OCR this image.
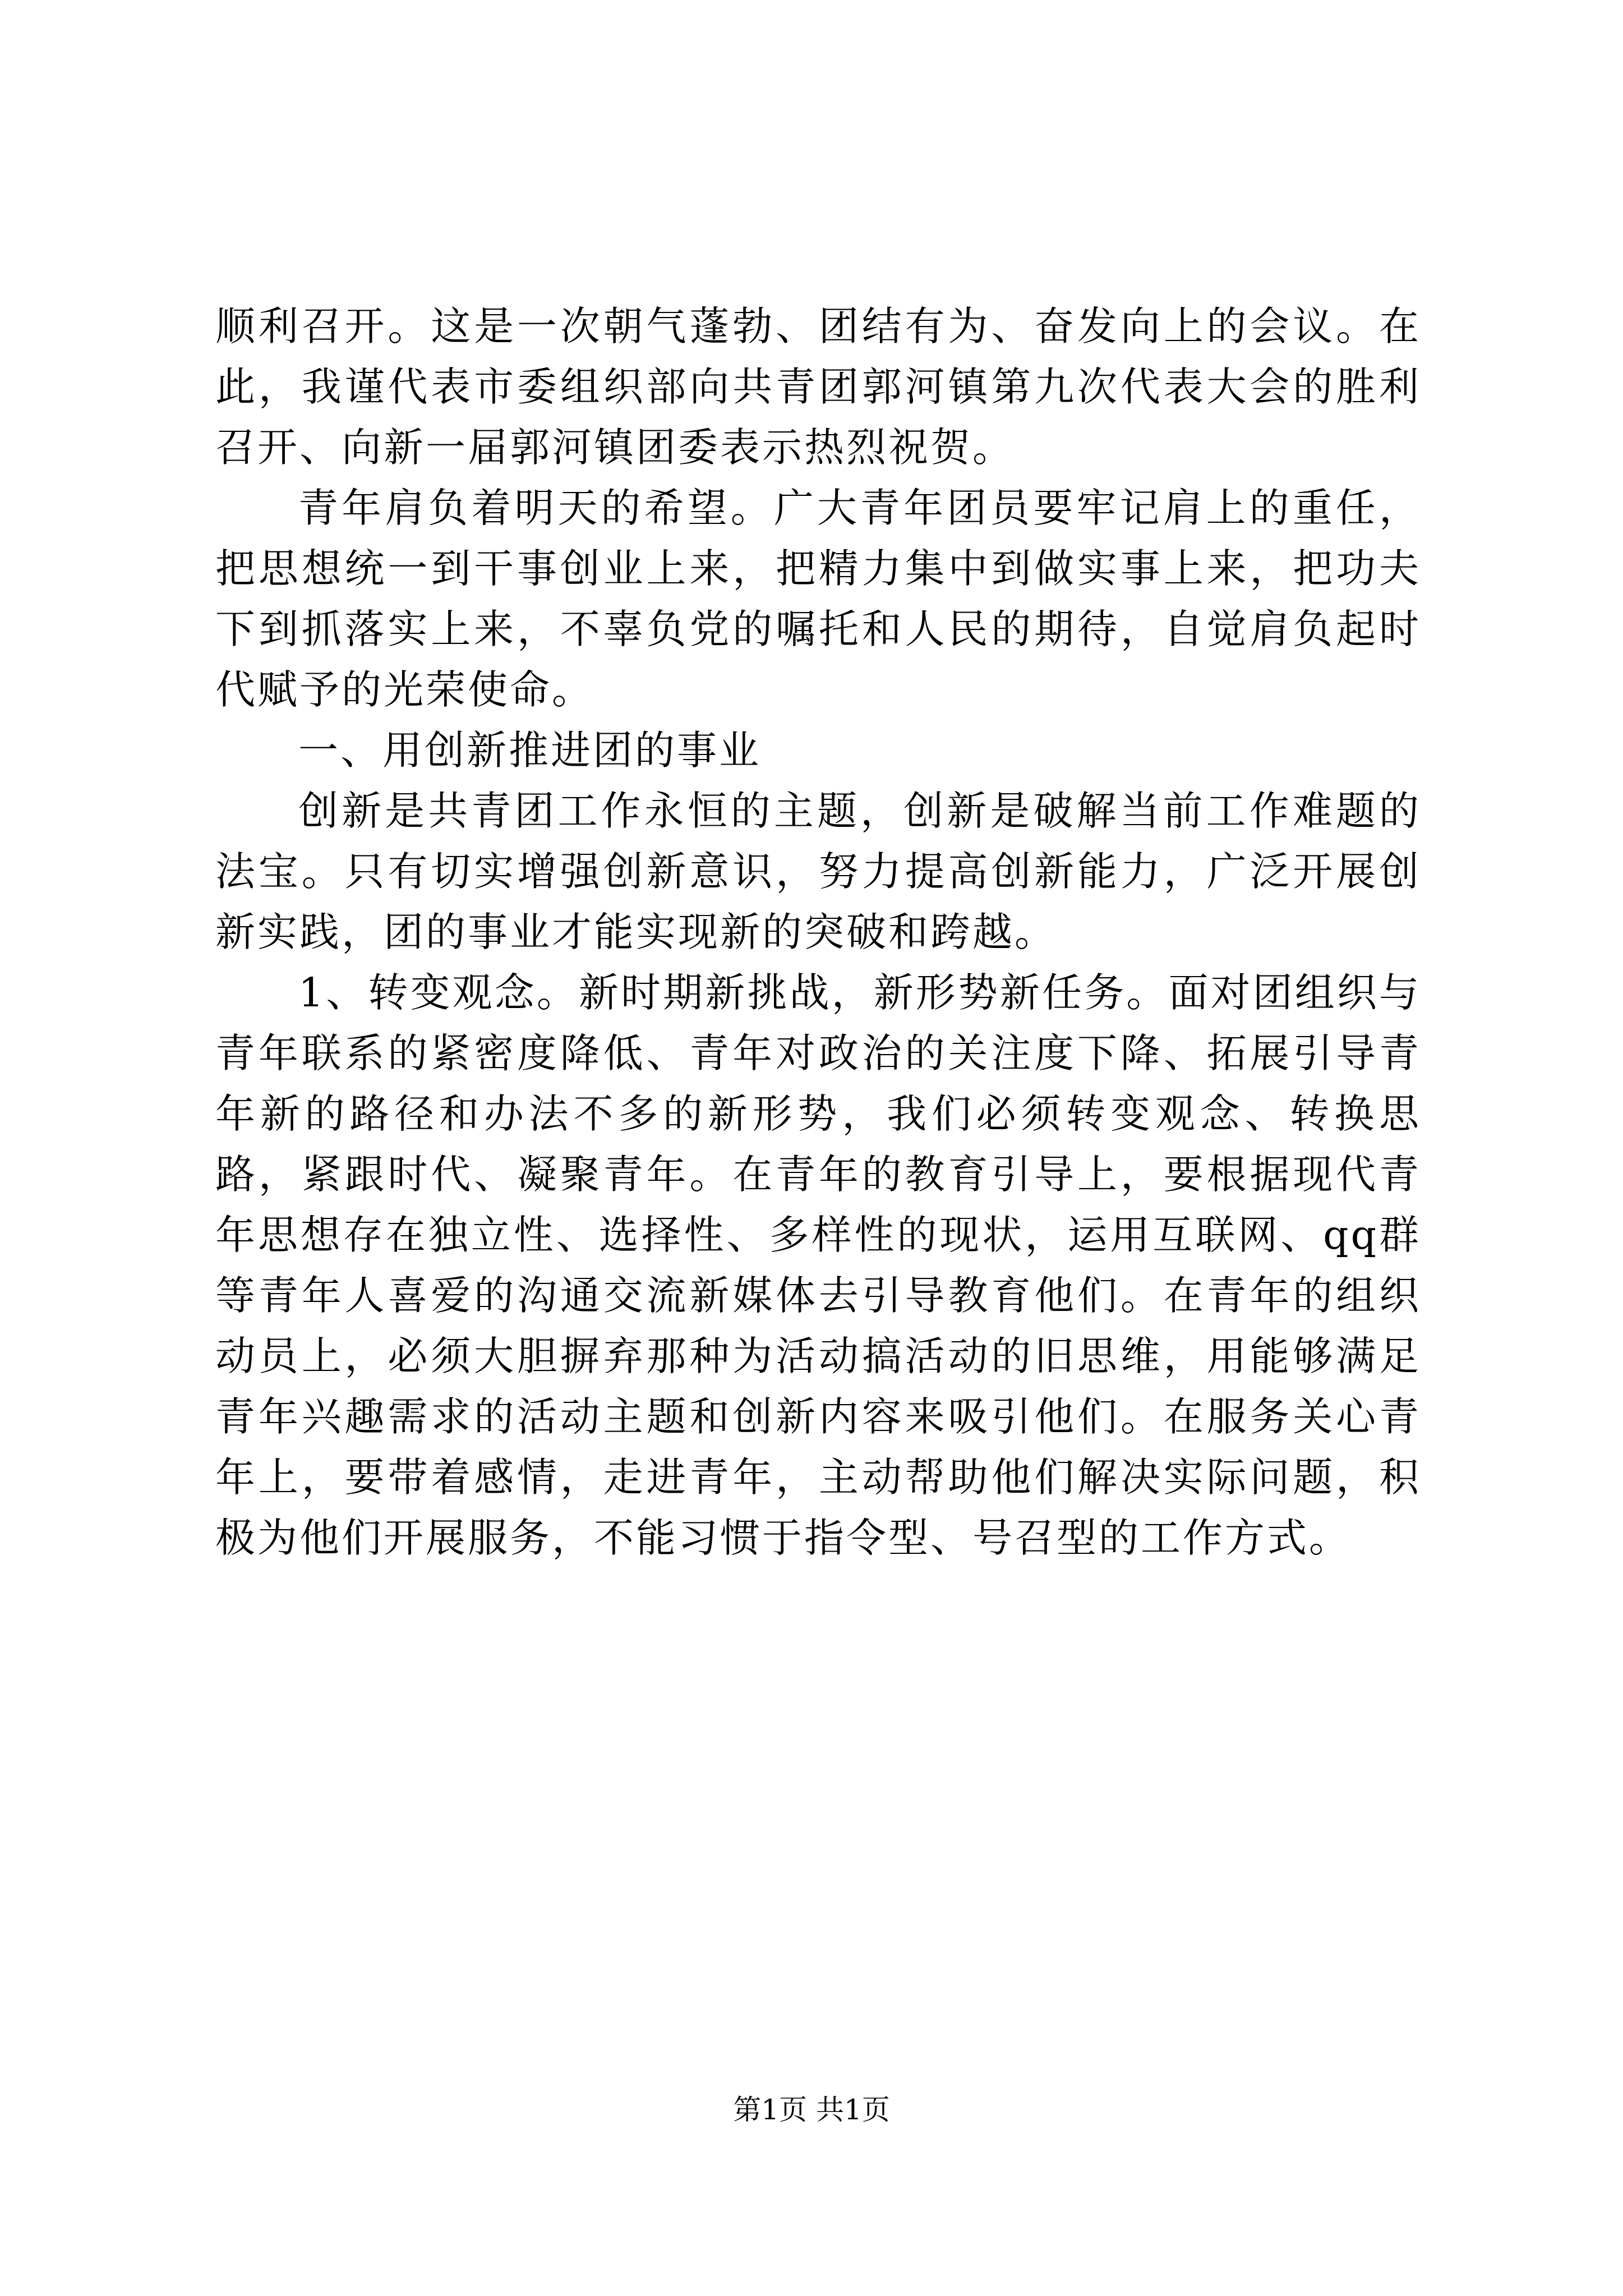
顺利召开。这是一次朝气蓬勃、团结有为、奋发向上的会议。在此，我谨代表市委组织部向共青团郭河镇第九次代表大会的胜利召开、向新一届郭河镇团委表示热烈祝贺。

青年肩负着明天的希望。广大青年团员要牢记肩上的重任，把思想统一到干事创业上来，把精力集中到做实事上来，把功夫下到抓落实上来，不辜负党的嘱托和人民的期待，自觉肩负起时代赋予的光荣使命。

一、用创新推进团的事业

创新是共青团工作永恒的主题，创新是破解当前工作难题的法宝。只有切实增强创新意识，努力提高创新能力，广泛开展创新实践，团的事业才能实现新的突破和跨越。

1、转变观念。新时期新挑战，新形势新任务。面对团组织与青年联系的紧密度降低、青年对政治的关注度下降、拓展引导青年新的路径和办法不多的新形势，我们必须转变观念、转换思路，紧跟时代、凝聚青年。在青年的教育引导上，要根据现代青年思想存在独立性、选择性、多样性的现状，运用互联网、qq群等青年人喜爱的沟通交流新媒体去引导教育他们。在青年的组织动员上，必须大胆摒弃那种为活动搞活动的旧思维，用能够满足青年兴趣需求的活动主题和创新内容来吸引他们。在服务关心青年上，要带着感情，走进青年，主动帮助他们解决实际问题，积极为他们开展服务，不能习惯于指令型、号召型的工作方式。

第1页 共1页
